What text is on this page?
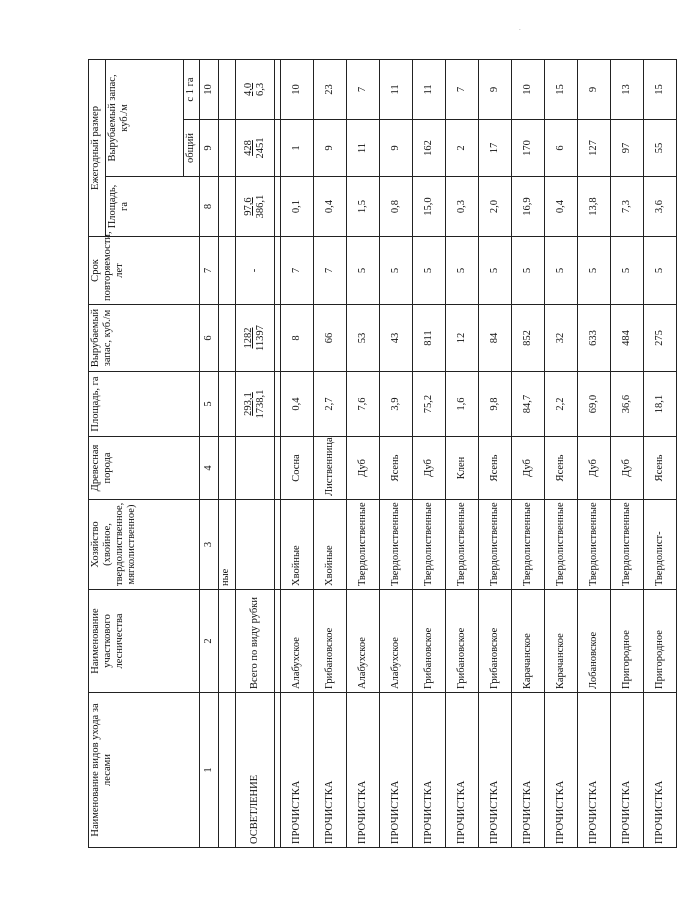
.
Наименование видов ухода за лесами	Наименование участкового лесничества	Хозяйство (хвойное, твердолиственное, мягколиственное)	Древесная порода	Площадь, га	Вырубаемый запас, куб./м	Срок повторяемости, лет	Ежегодный размер		
							Площадь, га	Вырубаемый запас, куб./м	
								общий	с 1 га
1	2	3	4	5	6	7	8	9	10
		ные							
ОСВЕТЛЕНИЕ	Всего по виду рубки			293,1 1738,1	1282 11397	-	97,6 386,1	428 2451	4,0 6,3

ПРОЧИСТКА	Алабухское	Хвойные	Сосна	0,4	8	7	0,1	1	10
ПРОЧИСТКА	Грибановское	Хвойные	Лиственница	2,7	66	7	0,4	9	23
ПРОЧИСТКА	Алабухское	Твердолиственные	Дуб	7,6	53	5	1,5	11	7
ПРОЧИСТКА	Алабухское	Твердолиственные	Ясень	3,9	43	5	0,8	9	11
ПРОЧИСТКА	Грибановское	Твердолиственные	Дуб	75,2	811	5	15,0	162	11
ПРОЧИСТКА	Грибановское	Твердолиственные	Клен	1,6	12	5	0,3	2	7
ПРОЧИСТКА	Грибановское	Твердолиственные	Ясень	9,8	84	5	2,0	17	9
ПРОЧИСТКА	Карачанское	Твердолиственные	Дуб	84,7	852	5	16,9	170	10
ПРОЧИСТКА	Карачанское	Твердолиственные	Ясень	2,2	32	5	0,4	6	15
ПРОЧИСТКА	Лобановское	Твердолиственные	Дуб	69,0	633	5	13,8	127	9
ПРОЧИСТКА	Пригородное	Твердолиственные	Дуб	36,6	484	5	7,3	97	13
ПРОЧИСТКА	Пригородное	Твердолист-	Ясень	18,1	275	5	3,6	55	15
